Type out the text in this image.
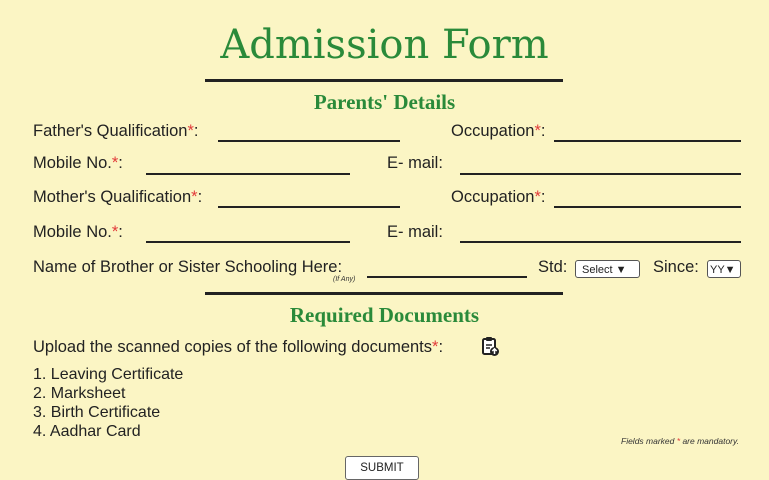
Admission Form
Parents' Details
Father's Qualification*:	Occupation*:
Mobile No.*:	E- mail:
Mother's Qualification*:	Occupation*:
Mobile No.*:	E- mail:
Name of Brother or Sister Schooling Here:
(If Any)
Std:	Select ▼	Since: YY▼
Required Documents
Upload the scanned copies of the following documents*:
1. Leaving Certificate
2. Marksheet
3. Birth Certificate
4. Aadhar Card
Fields marked * are mandatory.
SUBMIT
